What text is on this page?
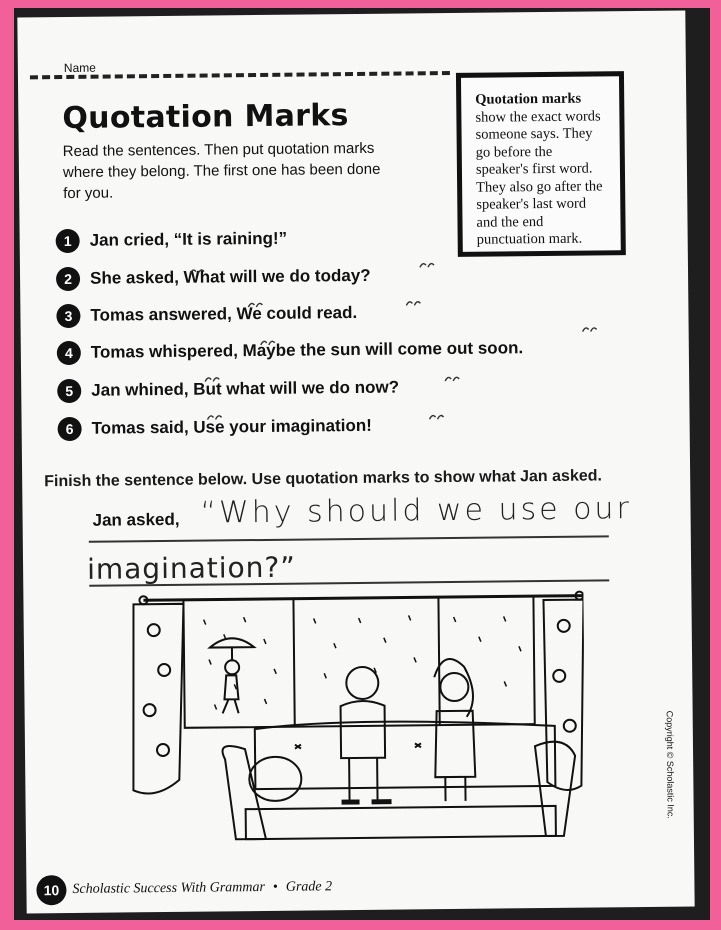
Name
Quotation Marks

Read the sentences. Then put quotation marks where they belong. The first one has been done for you.

Quotation marks
show the exact words someone says. They go before the speaker's first word. They also go after the speaker's last word and the end punctuation mark.
1	Jan cried, “It is raining!”
2	She asked, What will we do today?
3	Tomas answered, We could read.
4	Tomas whispered, Maybe the sun will come out soon.
5	Jan whined, But what will we do now?
6	Tomas said, Use your imagination!

Finish the sentence below. Use quotation marks to show what Jan asked.

Jan asked, “Why should we use our
imagination?”
Copyright © Scholastic Inc.
10 Scholastic Success With Grammar • Grade 2
